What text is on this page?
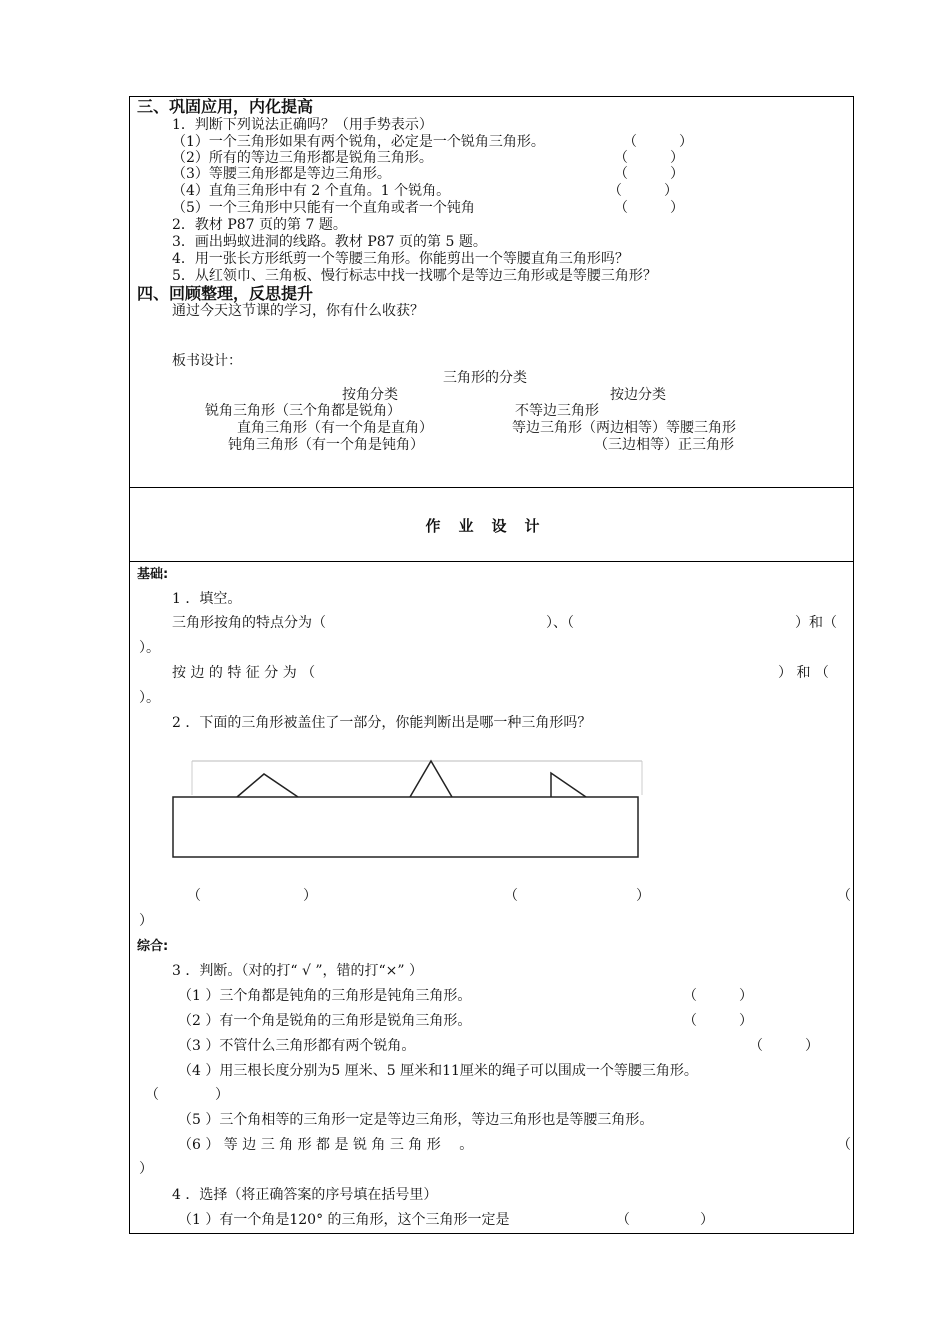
三、巩固应用，内化提高
1．判断下列说法正确吗？（用手势表示）
（1）一个三角形如果有两个锐角，必定是一个锐角三角形。	（　　　）
（2）所有的等边三角形都是锐角三角形。	（　　　）
（3）等腰三角形都是等边三角形。	（　　　）
（4）直角三角形中有 2 个直角。1 个锐角。	（　　　）
（5）一个三角形中只能有一个直角或者一个钝角	（　　　）
2．教材 P87 页的第 7 题。
3．画出蚂蚁进洞的线路。教材 P87 页的第 5 题。
4．用一张长方形纸剪一个等腰三角形。你能剪出一个等腰直角三角形吗？
5．从红领巾、三角板、慢行标志中找一找哪个是等边三角形或是等腰三角形？
四、回顾整理，反思提升
通过今天这节课的学习，你有什么收获？
板书设计：
三角形的分类
按角分类	按边分类
锐角三角形（三个角都是锐角）	不等边三角形
直角三角形（有一个角是直角）	等边三角形（两边相等）等腰三角形
钝角三角形（有一个角是钝角）	（三边相等）正三角形
作业设计
基础:
1 ．填空。
三角形按角的特点分为（	）、（	）和（
）。
按 边 的 特 征 分 为 （	） 和 （
）。
2 ．下面的三角形被盖住了一部分，你能判断出是哪一种三角形吗？
（	）	（	）	（
）
综合:
3 ．判断。（对的打“ √ ”，错的打“×” ）
（1 ）三个角都是钝角的三角形是钝角三角形。	（　　　）
（2 ）有一个角是锐角的三角形是锐角三角形。	（　　　）
（3 ）不管什么三角形都有两个锐角。	（　　　）
（4 ）用三根长度分别为5 厘米、5 厘米和11厘米的绳子可以围成一个等腰三角形。
（　　　　）
（5 ）三个角相等的三角形一定是等边三角形，等边三角形也是等腰三角形。
（6 ） 等 边 三 角 形 都 是 锐 角 三 角 形　 。	（
）
4 ．选择（将正确答案的序号填在括号里）
（1 ）有一个角是120° 的三角形，这个三角形一定是	（　　　　　）
